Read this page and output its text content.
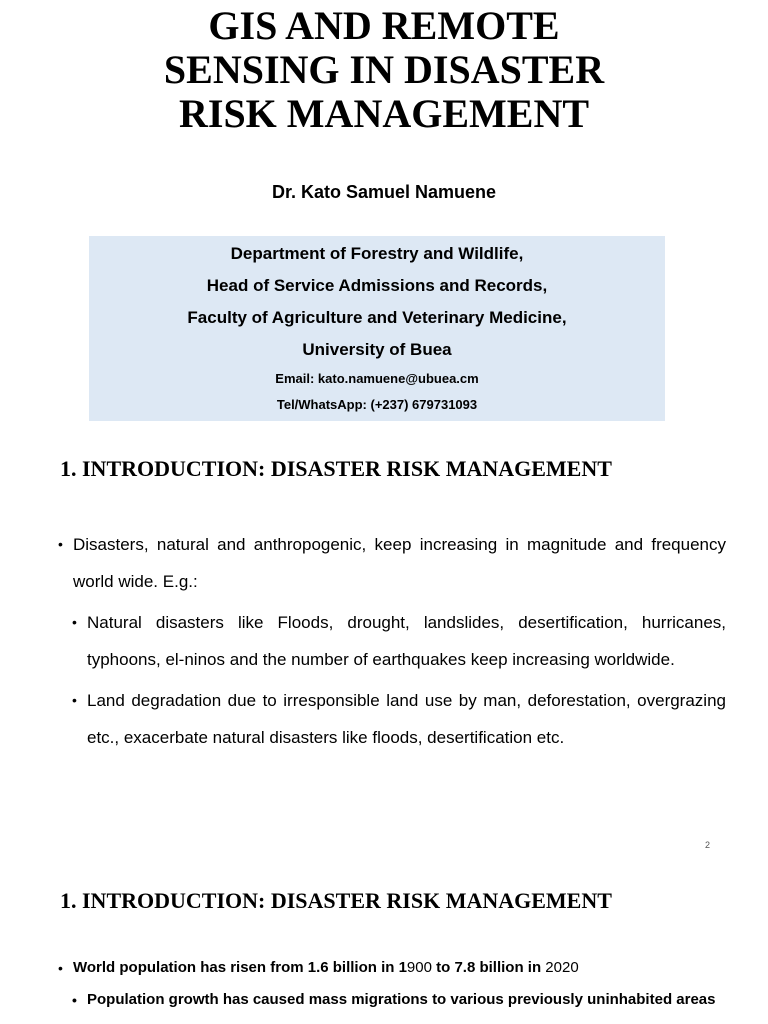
GIS AND REMOTE
SENSING IN DISASTER
RISK MANAGEMENT
Dr. Kato Samuel Namuene
Department of Forestry and Wildlife,
Head of Service Admissions and Records,
Faculty of Agriculture and Veterinary Medicine,
University of Buea
Email: kato.namuene@ubuea.cm
Tel/WhatsApp: (+237) 679731093
1. INTRODUCTION: DISASTER RISK MANAGEMENT
• Disasters, natural and anthropogenic, keep increasing in magnitude and frequency world wide. E.g.:
• Natural disasters like Floods, drought, landslides, desertification, hurricanes, typhoons, el-ninos and the number of earthquakes keep increasing worldwide.
• Land degradation due to irresponsible land use by man, deforestation, overgrazing etc., exacerbate natural disasters like floods, desertification etc.
2
1. INTRODUCTION: DISASTER RISK MANAGEMENT
• World population has risen from 1.6 billion in 1900 to 7.8 billion in 2020
• Population growth has caused mass migrations to various previously uninhabited areas
